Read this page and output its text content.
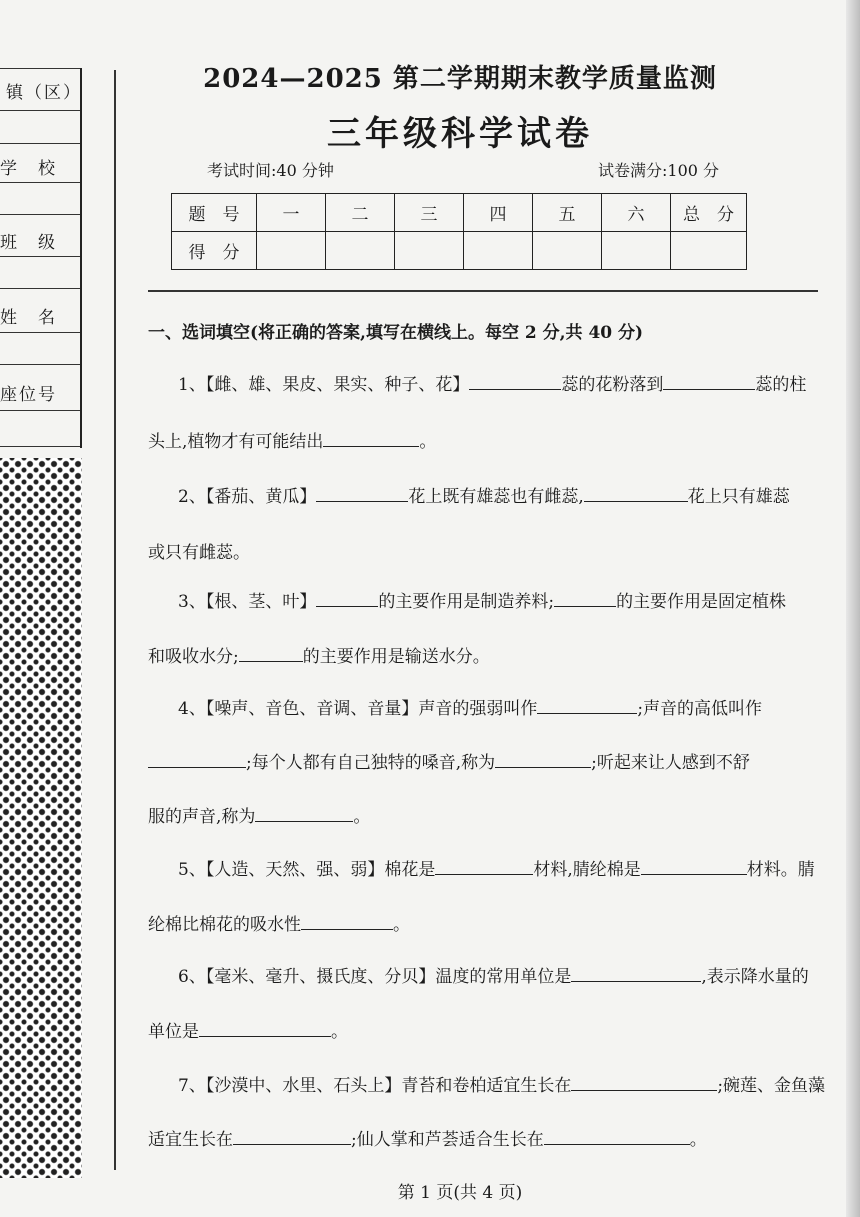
镇（区）
学　校
班　级
姓　名
座位号
2024—2025 第二学期期末教学质量监测
三年级科学试卷
考试时间:40 分钟	试卷满分:100 分
题　号	一	二	三	四	五	六	总　分
得　分							
一、选词填空(将正确的答案,填写在横线上。每空 2 分,共 40 分)
1、【雌、雄、果皮、果实、种子、花】	蕊的花粉落到	蕊的柱
头上,植物才有可能结出	。
2、【番茄、黄瓜】	花上既有雄蕊也有雌蕊,	花上只有雄蕊
或只有雌蕊。
3、【根、茎、叶】	的主要作用是制造养料;	的主要作用是固定植株
和吸收水分;	的主要作用是输送水分。
4、【噪声、音色、音调、音量】声音的强弱叫作	;声音的高低叫作
;每个人都有自己独特的嗓音,称为	;听起来让人感到不舒
服的声音,称为	。
5、【人造、天然、强、弱】棉花是	材料,腈纶棉是	材料。腈
纶棉比棉花的吸水性	。
6、【毫米、毫升、摄氏度、分贝】温度的常用单位是	,表示降水量的
单位是	。
7、【沙漠中、水里、石头上】青苔和卷柏适宜生长在	;碗莲、金鱼藻
适宜生长在	;仙人掌和芦荟适合生长在	。
第 1 页(共 4 页)
